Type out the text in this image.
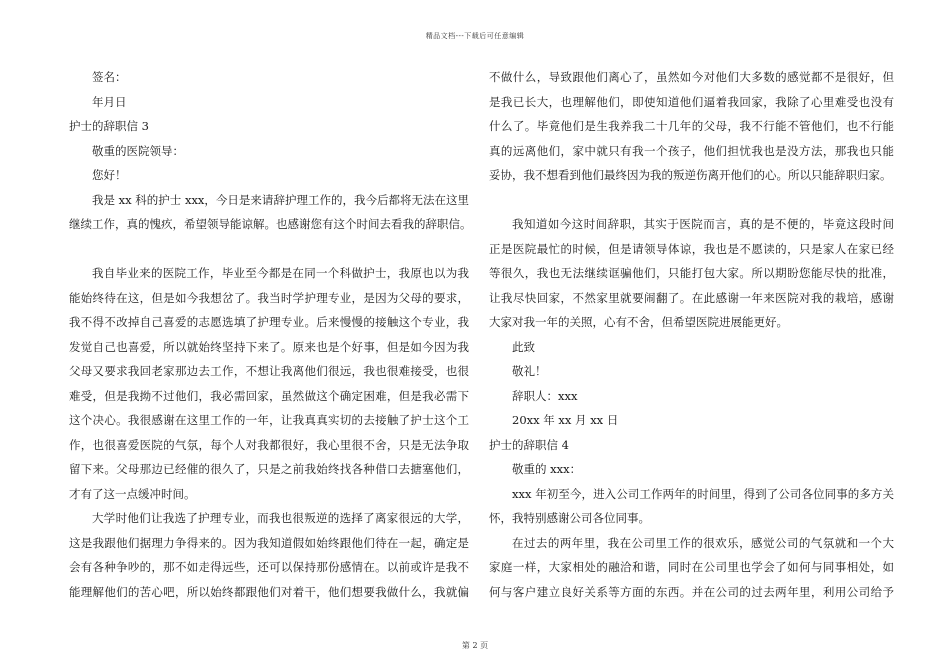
精品文档---下载后可任意编辑
签名：
年月日
护士的辞职信 3
敬重的医院领导：
您好！
我是 xx 科的护士 xxx，今日是来请辞护理工作的，我今后都将无法在这里
继续工作，真的愧疚，希望领导能谅解。也感谢您有这个时间去看我的辞职信。
我自毕业来的医院工作，毕业至今都是在同一个科做护士，我原也以为我
能始终待在这，但是如今我想岔了。我当时学护理专业，是因为父母的要求，
我不得不改掉自己喜爱的志愿选填了护理专业。后来慢慢的接触这个专业，我
发觉自己也喜爱，所以就始终坚持下来了。原来也是个好事，但是如今因为我
父母又要求我回老家那边去工作，不想让我离他们很远，我也很难接受，也很
难受，但是我拗不过他们，我必需回家，虽然做这个确定困难，但是我必需下
这个决心。我很感谢在这里工作的一年，让我真真实切的去接触了护士这个工
作，也很喜爱医院的气氛，每个人对我都很好，我心里很不舍，只是无法争取
留下来。父母那边已经催的很久了，只是之前我始终找各种借口去搪塞他们，
才有了这一点缓冲时间。
大学时他们让我选了护理专业，而我也很叛逆的选择了离家很远的大学，
这是我跟他们据理力争得来的。因为我知道假如始终跟他们待在一起，确定是
会有各种争吵的，那不如走得远些，还可以保持那份感情在。以前或许是我不
能理解他们的苦心吧，所以始终都跟他们对着干，他们想要我做什么，我就偏
不做什么，导致跟他们离心了，虽然如今对他们大多数的感觉都不是很好，但
是我已长大，也理解他们，即使知道他们逼着我回家，我除了心里难受也没有
什么了。毕竟他们是生我养我二十几年的父母，我不行能不管他们，也不行能
真的远离他们，家中就只有我一个孩子，他们担忧我也是没方法，那我也只能
妥协，我不想看到他们最终因为我的叛逆伤离开他们的心。所以只能辞职归家。
我知道如今这时间辞职，其实于医院而言，真的是不便的，毕竟这段时间
正是医院最忙的时候，但是请领导体谅，我也是不愿读的，只是家人在家已经
等很久，我也无法继续诓骗他们，只能打包大家。所以期盼您能尽快的批准，
让我尽快回家，不然家里就要闹翻了。在此感谢一年来医院对我的栽培，感谢
大家对我一年的关照，心有不舍，但希望医院进展能更好。
此致
敬礼！
辞职人：xxx
20xx 年 xx 月 xx 日
护士的辞职信 4
敬重的 xxx：
xxx 年初至今，进入公司工作两年的时间里，得到了公司各位同事的多方关
怀，我特别感谢公司各位同事。
在过去的两年里，我在公司里工作的很欢乐，感觉公司的气氛就和一个大
家庭一样，大家相处的融洽和谐，同时在公司里也学会了如何与同事相处，如
何与客户建立良好关系等方面的东西。并在公司的过去两年里，利用公司给予
第 2 页
